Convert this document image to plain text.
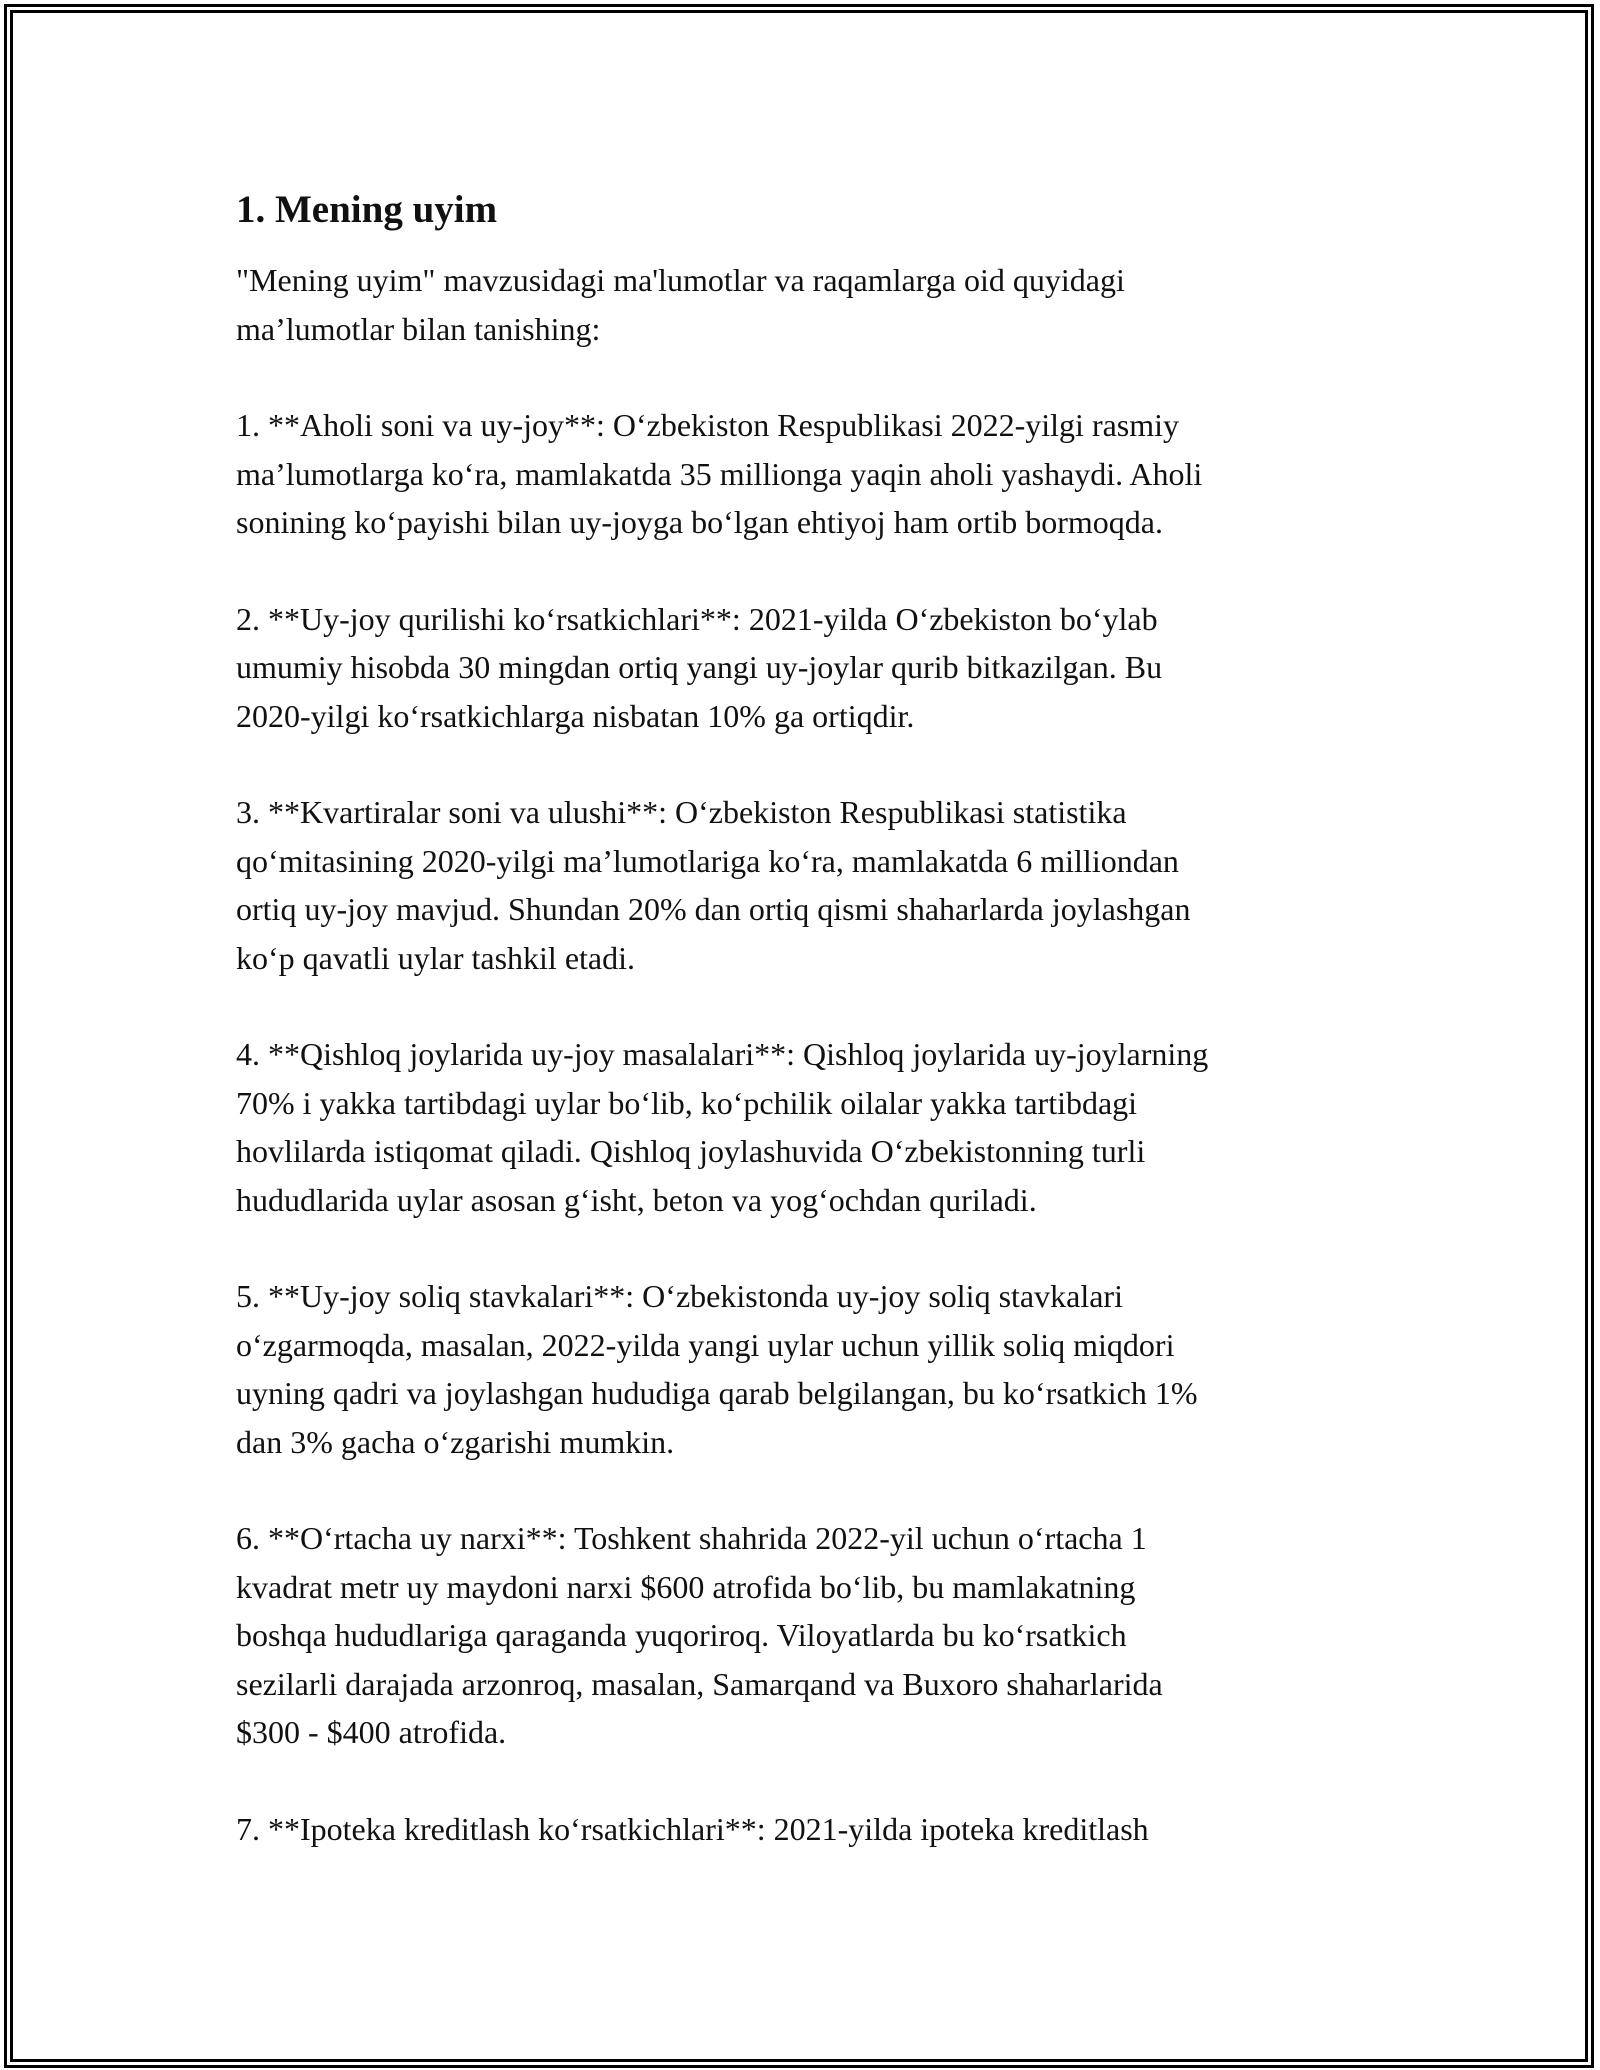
1. Mening uyim
"Mening uyim" mavzusidagi ma'lumotlar va raqamlarga oid quyidagi
ma’lumotlar bilan tanishing:
1. **Aholi soni va uy-joy**: O‘zbekiston Respublikasi 2022-yilgi rasmiy
ma’lumotlarga ko‘ra, mamlakatda 35 millionga yaqin aholi yashaydi. Aholi
sonining ko‘payishi bilan uy-joyga bo‘lgan ehtiyoj ham ortib bormoqda.
2. **Uy-joy qurilishi ko‘rsatkichlari**: 2021-yilda O‘zbekiston bo‘ylab
umumiy hisobda 30 mingdan ortiq yangi uy-joylar qurib bitkazilgan. Bu
2020-yilgi ko‘rsatkichlarga nisbatan 10% ga ortiqdir.
3. **Kvartiralar soni va ulushi**: O‘zbekiston Respublikasi statistika
qo‘mitasining 2020-yilgi ma’lumotlariga ko‘ra, mamlakatda 6 milliondan
ortiq uy-joy mavjud. Shundan 20% dan ortiq qismi shaharlarda joylashgan
ko‘p qavatli uylar tashkil etadi.
4. **Qishloq joylarida uy-joy masalalari**: Qishloq joylarida uy-joylarning
70% i yakka tartibdagi uylar bo‘lib, ko‘pchilik oilalar yakka tartibdagi
hovlilarda istiqomat qiladi. Qishloq joylashuvida O‘zbekistonning turli
hududlarida uylar asosan g‘isht, beton va yog‘ochdan quriladi.
5. **Uy-joy soliq stavkalari**: O‘zbekistonda uy-joy soliq stavkalari
o‘zgarmoqda, masalan, 2022-yilda yangi uylar uchun yillik soliq miqdori
uyning qadri va joylashgan hududiga qarab belgilangan, bu ko‘rsatkich 1%
dan 3% gacha o‘zgarishi mumkin.
6. **O‘rtacha uy narxi**: Toshkent shahrida 2022-yil uchun o‘rtacha 1
kvadrat metr uy maydoni narxi $600 atrofida bo‘lib, bu mamlakatning
boshqa hududlariga qaraganda yuqoriroq. Viloyatlarda bu ko‘rsatkich
sezilarli darajada arzonroq, masalan, Samarqand va Buxoro shaharlarida
$300 - $400 atrofida.
7. **Ipoteka kreditlash ko‘rsatkichlari**: 2021-yilda ipoteka kreditlash
